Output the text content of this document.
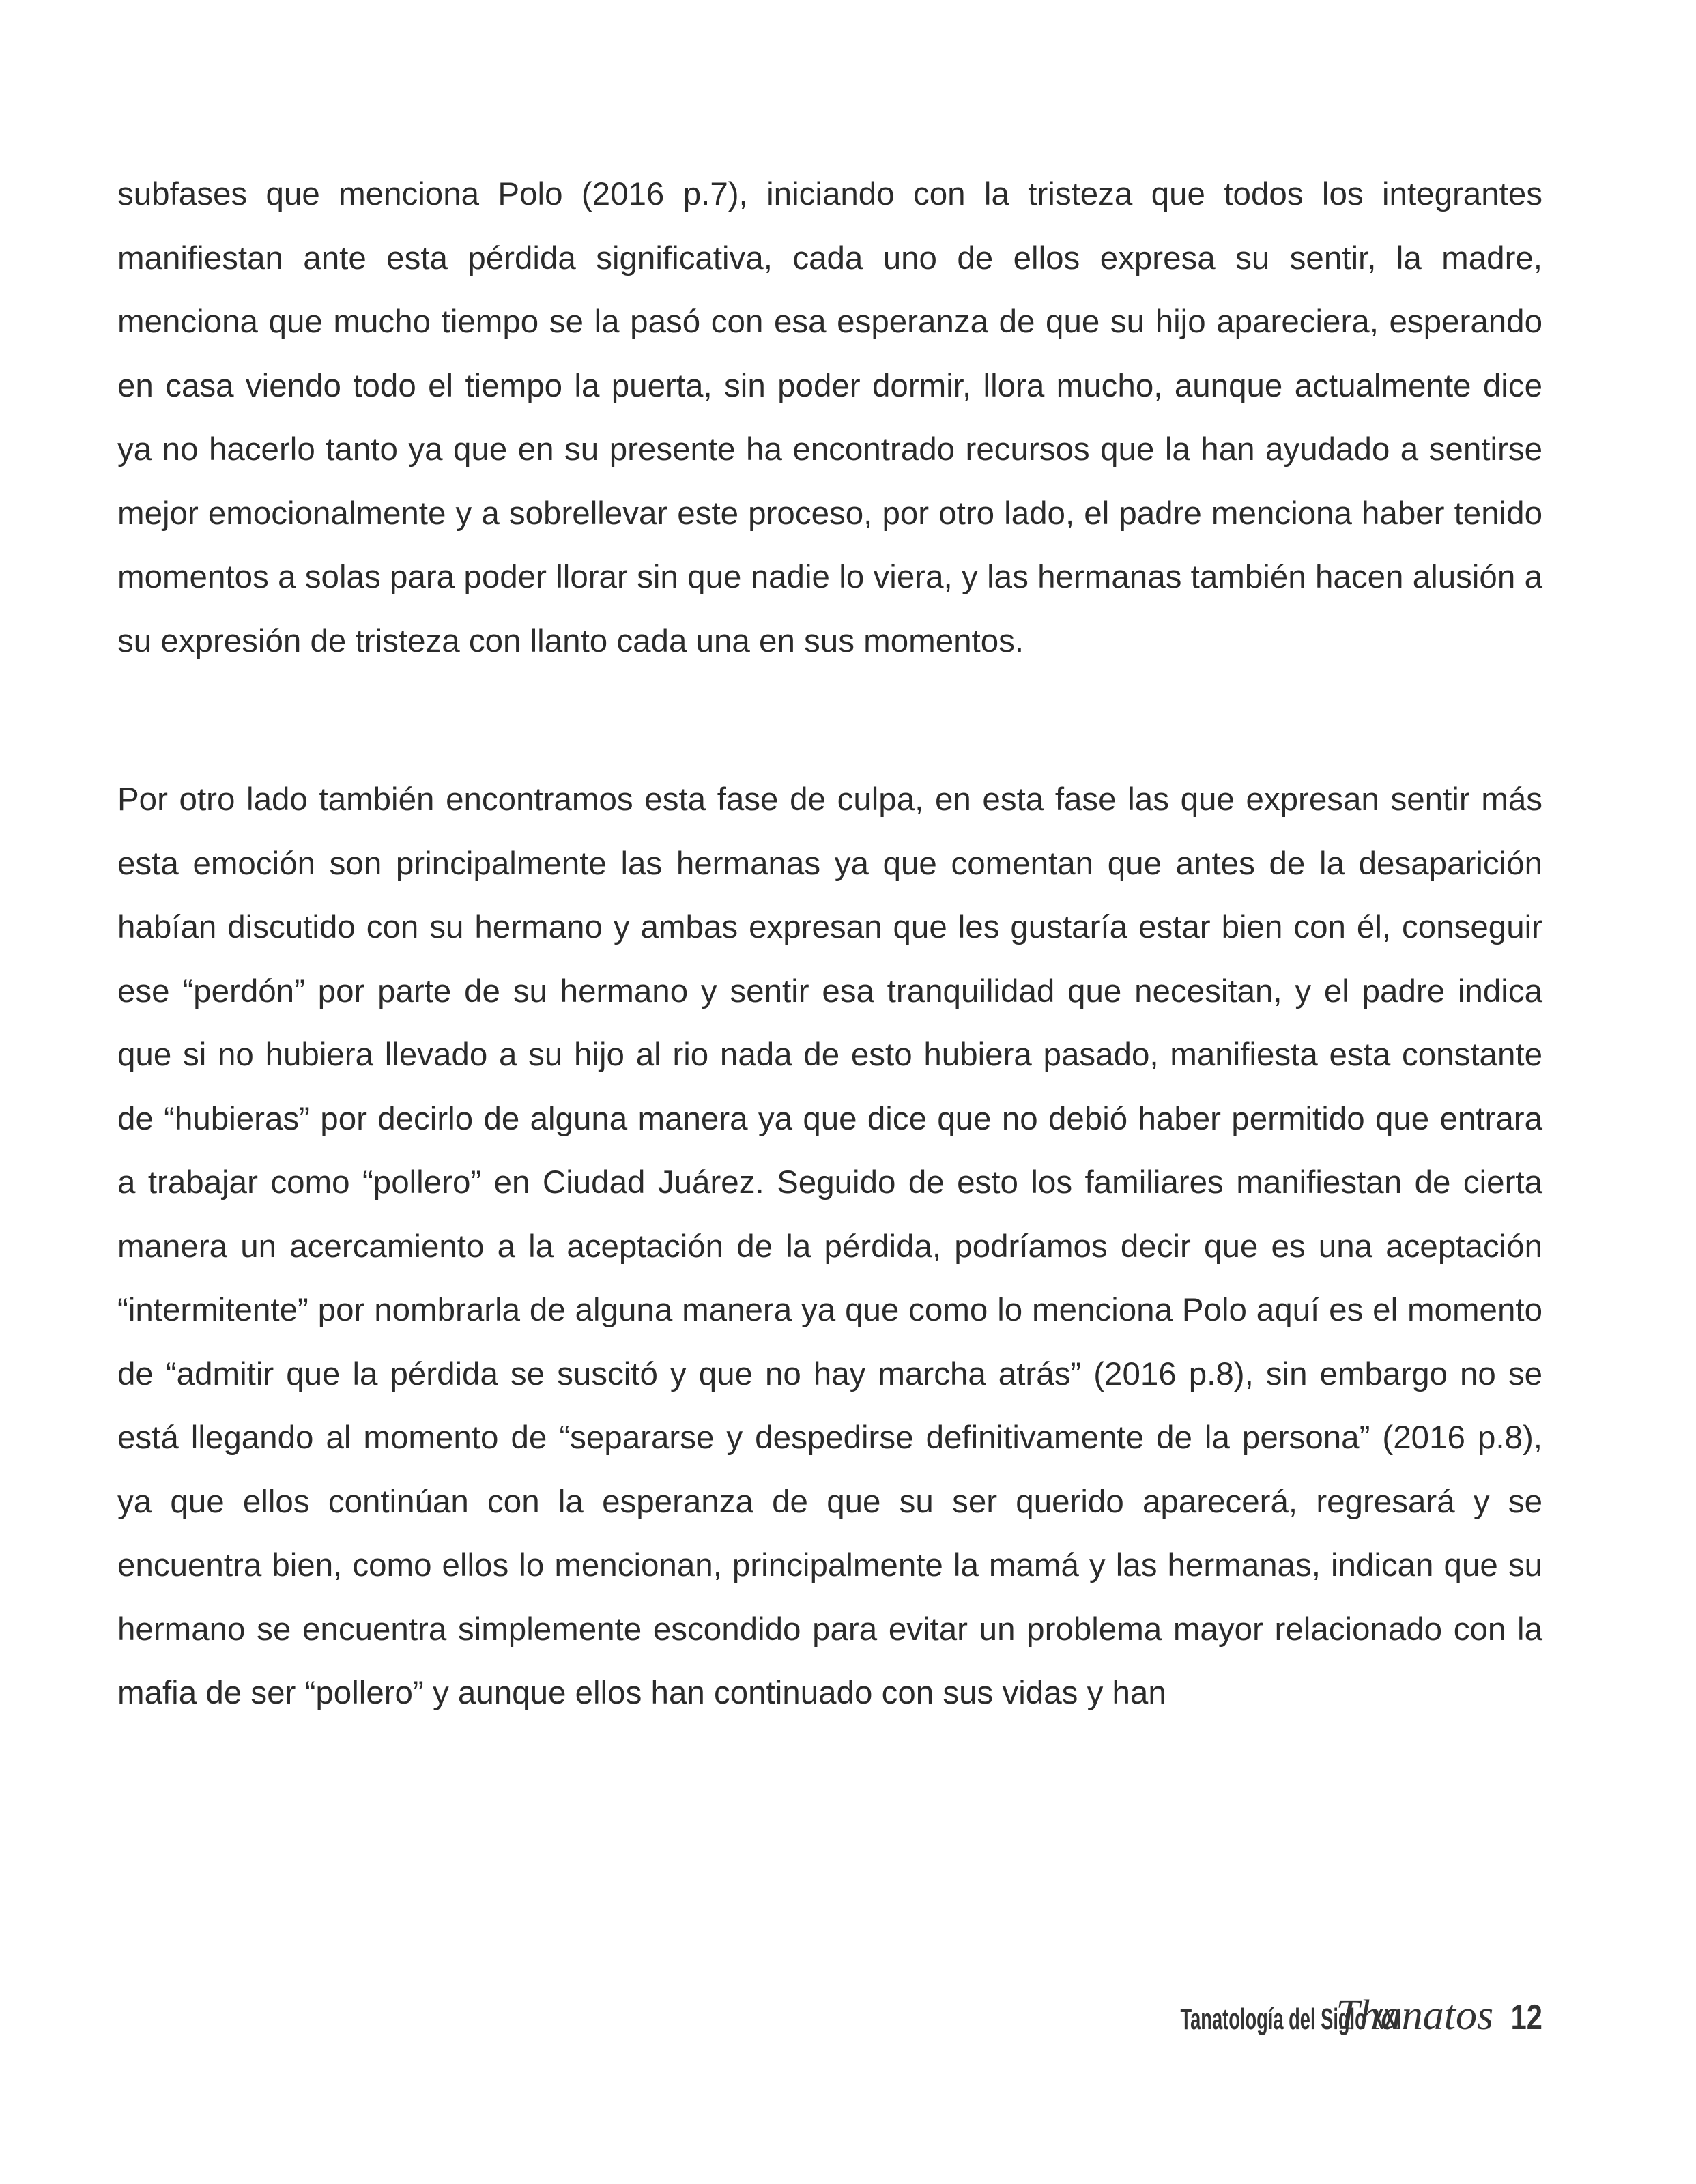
subfases que menciona Polo (2016 p.7), iniciando con la tristeza que todos los integrantes manifiestan ante esta pérdida significativa, cada uno de ellos expresa su sentir, la madre, menciona que mucho tiempo se la pasó con esa esperanza de que su hijo apareciera, esperando en casa viendo todo el tiempo la puerta, sin poder dormir, llora mucho, aunque actualmente dice ya no hacerlo tanto ya que en su presente ha encontrado recursos que la han ayudado a sentirse mejor emocionalmente y a sobrellevar este proceso, por otro lado, el padre menciona haber tenido momentos a solas para poder llorar sin que nadie lo viera, y las hermanas también hacen alusión a su expresión de tristeza con llanto cada una en sus momentos.

Por otro lado también encontramos esta fase de culpa, en esta fase las que expresan sentir más esta emoción son principalmente las hermanas ya que comentan que antes de la desaparición habían discutido con su hermano y ambas expresan que les gustaría estar bien con él, conseguir ese “perdón” por parte de su hermano y sentir esa tranquilidad que necesitan, y el padre indica que si no hubiera llevado a su hijo al rio nada de esto hubiera pasado, manifiesta esta constante de “hubieras” por decirlo de alguna manera ya que dice que no debió haber permitido que entrara a trabajar como “pollero” en Ciudad Juárez. Seguido de esto los familiares manifiestan de cierta manera un acercamiento a la aceptación de la pérdida, podríamos decir que es una aceptación “intermitente” por nombrarla de alguna manera ya que como lo menciona Polo aquí es el momento de “admitir que la pérdida se suscitó y que no hay marcha atrás” (2016 p.8), sin embargo no se está llegando al momento de “separarse y despedirse definitivamente de la persona” (2016 p.8), ya que ellos continúan con la esperanza de que su ser querido aparecerá, regresará y se encuentra bien, como ellos lo mencionan, principalmente la mamá y las hermanas, indican que su hermano se encuentra simplemente escondido para evitar un problema mayor relacionado con la mafia de ser “pollero” y aunque ellos han continuado con sus vidas y han

Tanatología del Siglo XXI
Thanatos 12
